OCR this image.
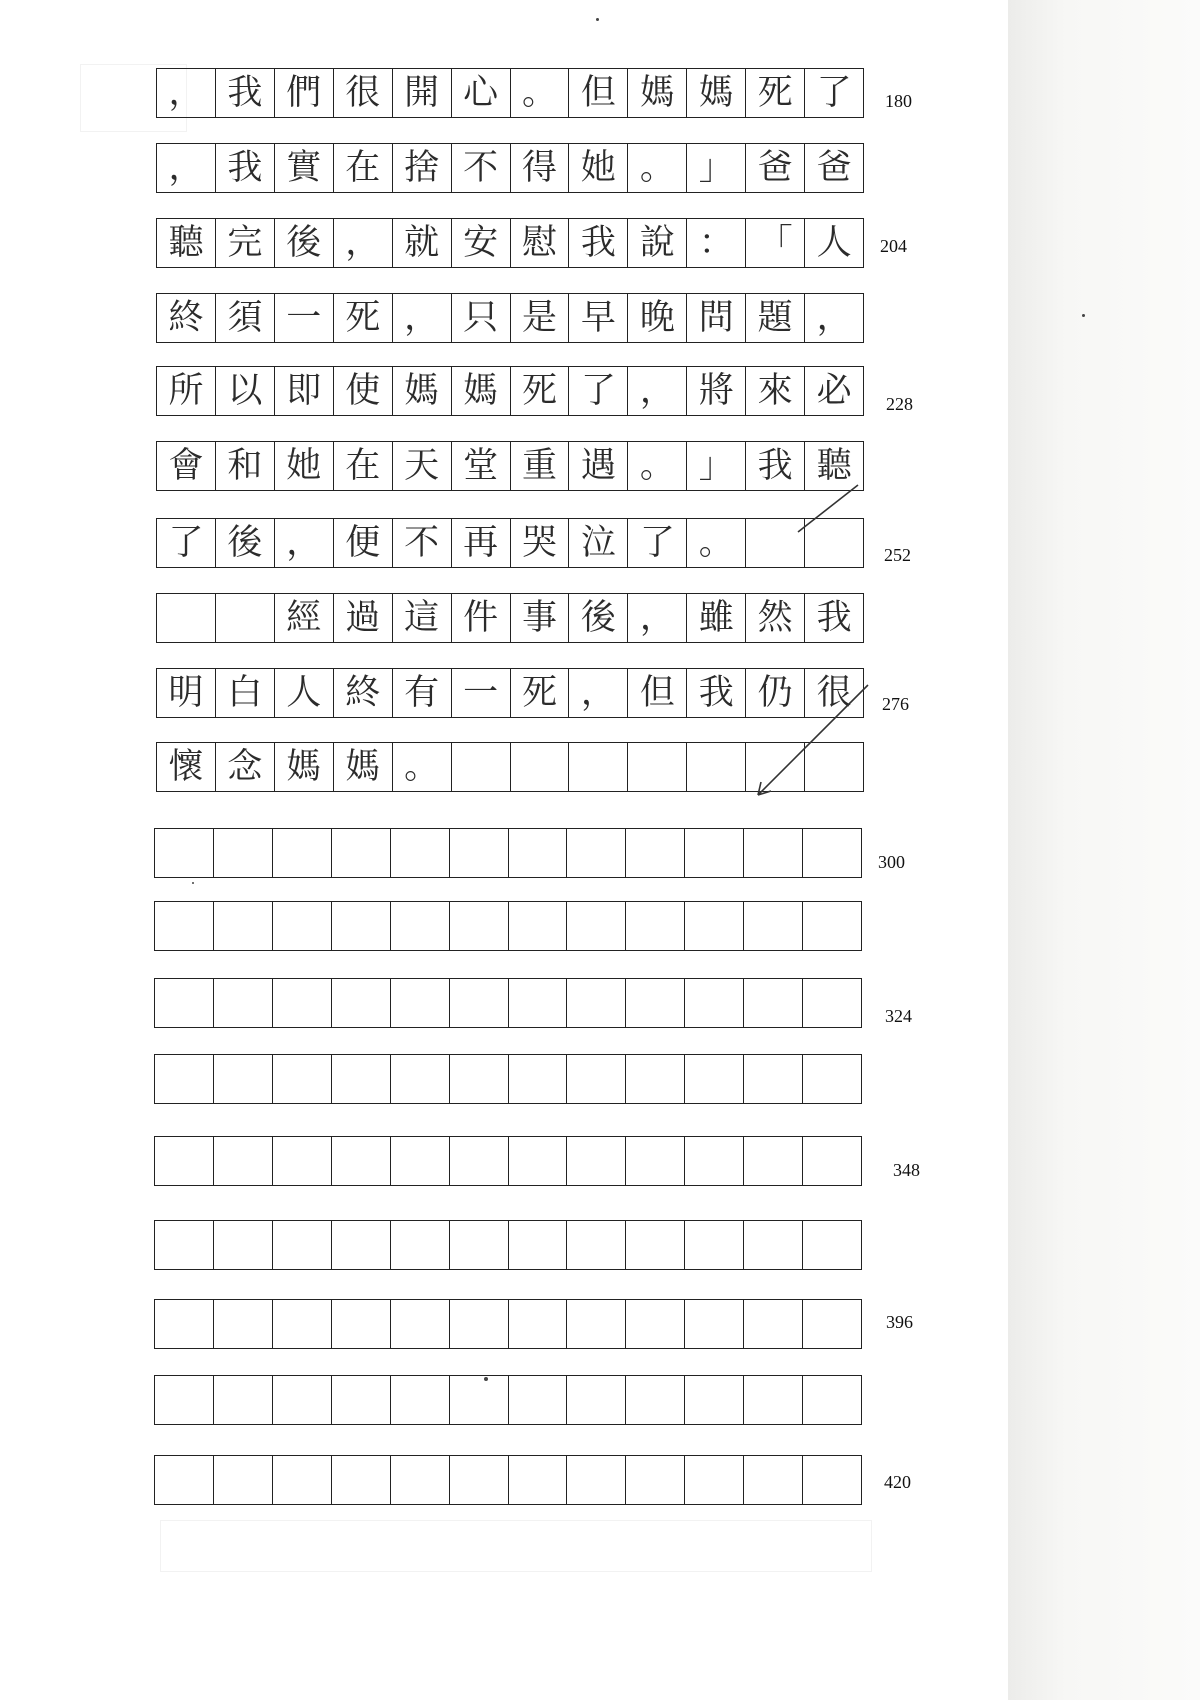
， 我 們 很 開 心 。 但 媽 媽 死 了
， 我 實 在 捨 不 得 她 。 」 爸 爸
聽 完 後 ， 就 安 慰 我 說 ： 「 人
終 須 一 死 ， 只 是 早 晚 問 題 ，
所 以 即 使 媽 媽 死 了 ， 將 來 必
會 和 她 在 天 堂 重 遇 。 」 我 聽
了 後 ， 便 不 再 哭 泣 了 。
經 過 這 件 事 後 ， 雖 然 我
明 白 人 終 有 一 死 ， 但 我 仍 很
懷 念 媽 媽 。
180
204
228
252
276
300
324
348
396
420
